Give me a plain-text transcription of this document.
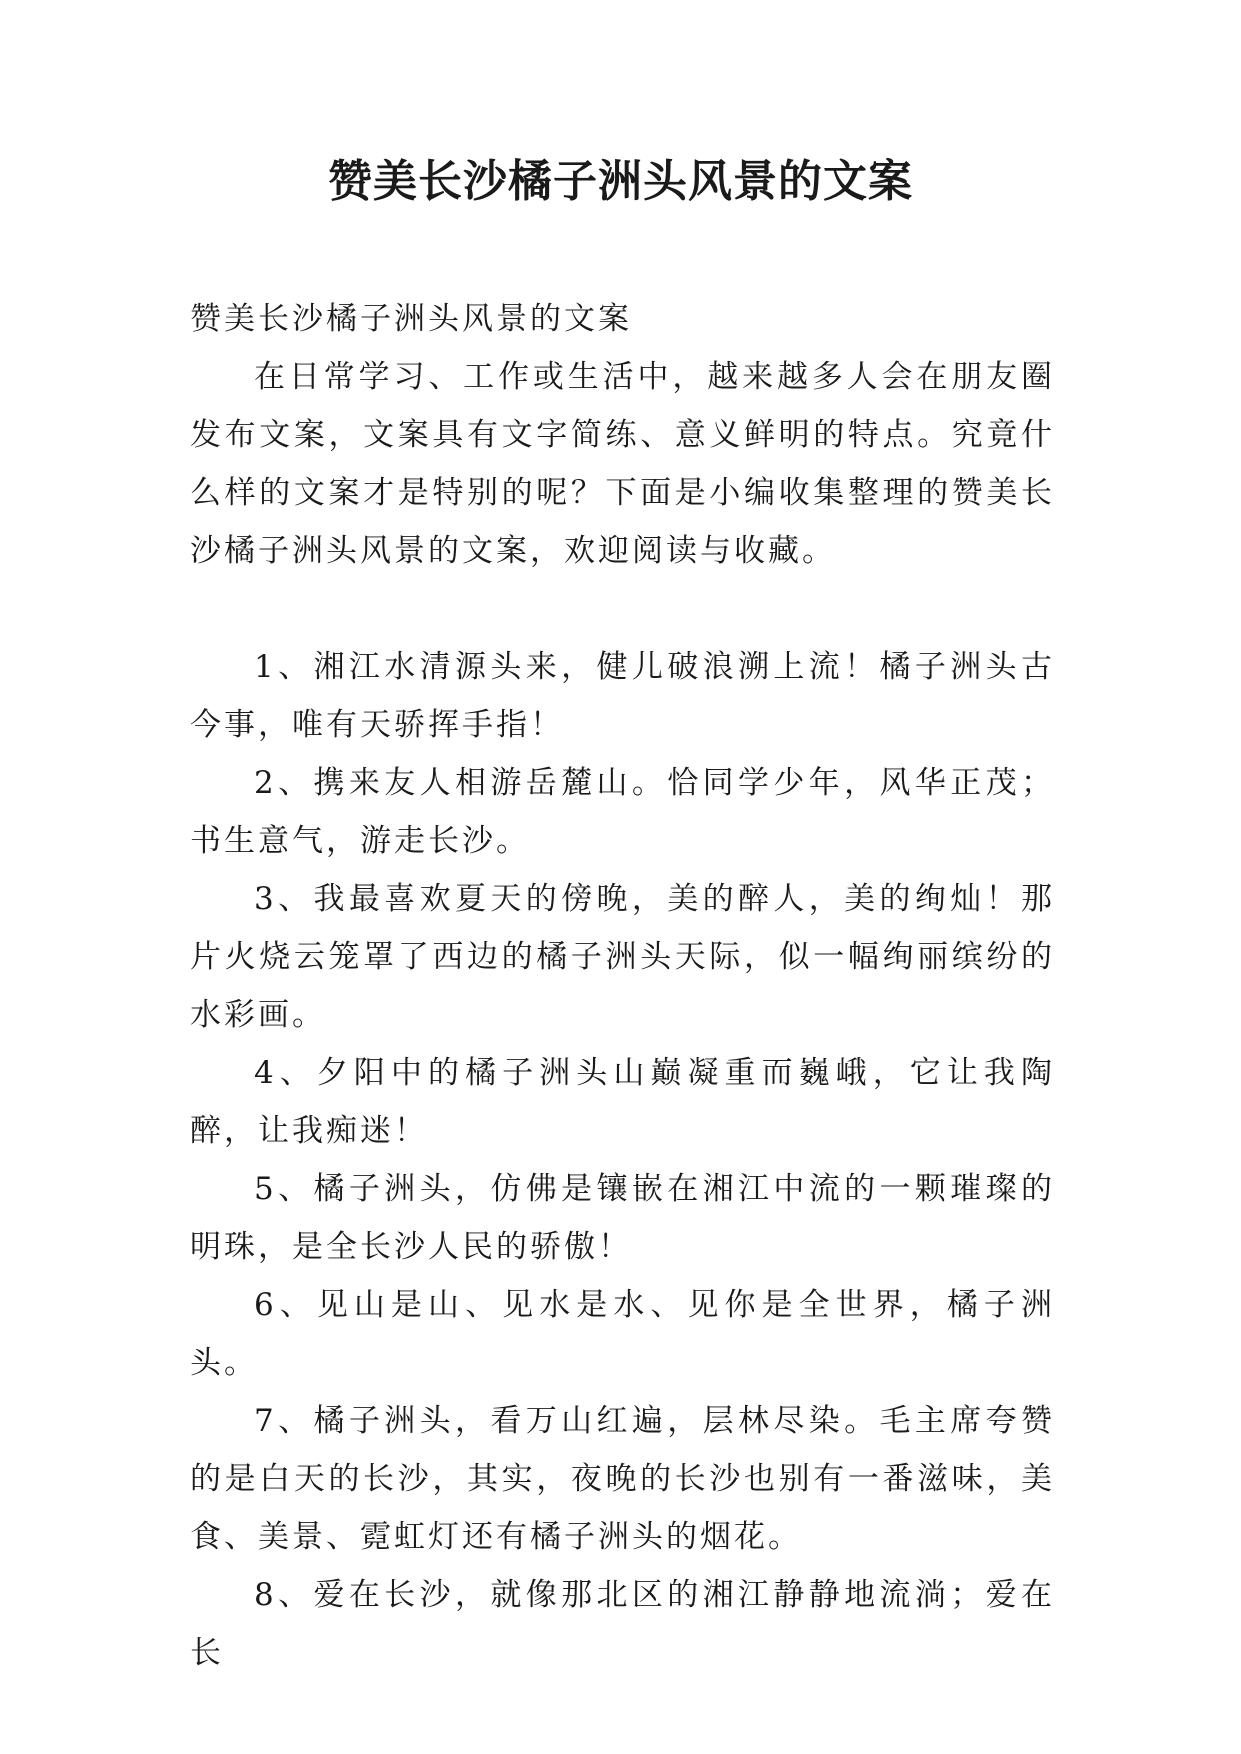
赞美长沙橘子洲头风景的文案

赞美长沙橘子洲头风景的文案

在日常学习、工作或生活中，越来越多人会在朋友圈发布文案，文案具有文字简练、意义鲜明的特点。究竟什么样的文案才是特别的呢？下面是小编收集整理的赞美长沙橘子洲头风景的文案，欢迎阅读与收藏。

1、湘江水清源头来，健儿破浪溯上流！橘子洲头古今事，唯有天骄挥手指！

2、携来友人相游岳麓山。恰同学少年，风华正茂；书生意气，游走长沙。

3、我最喜欢夏天的傍晚，美的醉人，美的绚灿！那片火烧云笼罩了西边的橘子洲头天际，似一幅绚丽缤纷的水彩画。

4、夕阳中的橘子洲头山巅凝重而巍峨，它让我陶醉，让我痴迷！

5、橘子洲头，仿佛是镶嵌在湘江中流的一颗璀璨的明珠，是全长沙人民的骄傲！

6、见山是山、见水是水、见你是全世界，橘子洲头。

7、橘子洲头，看万山红遍，层林尽染。毛主席夸赞的是白天的长沙，其实，夜晚的长沙也别有一番滋味，美食、美景、霓虹灯还有橘子洲头的烟花。

8、爱在长沙，就像那北区的湘江静静地流淌；爱在长
